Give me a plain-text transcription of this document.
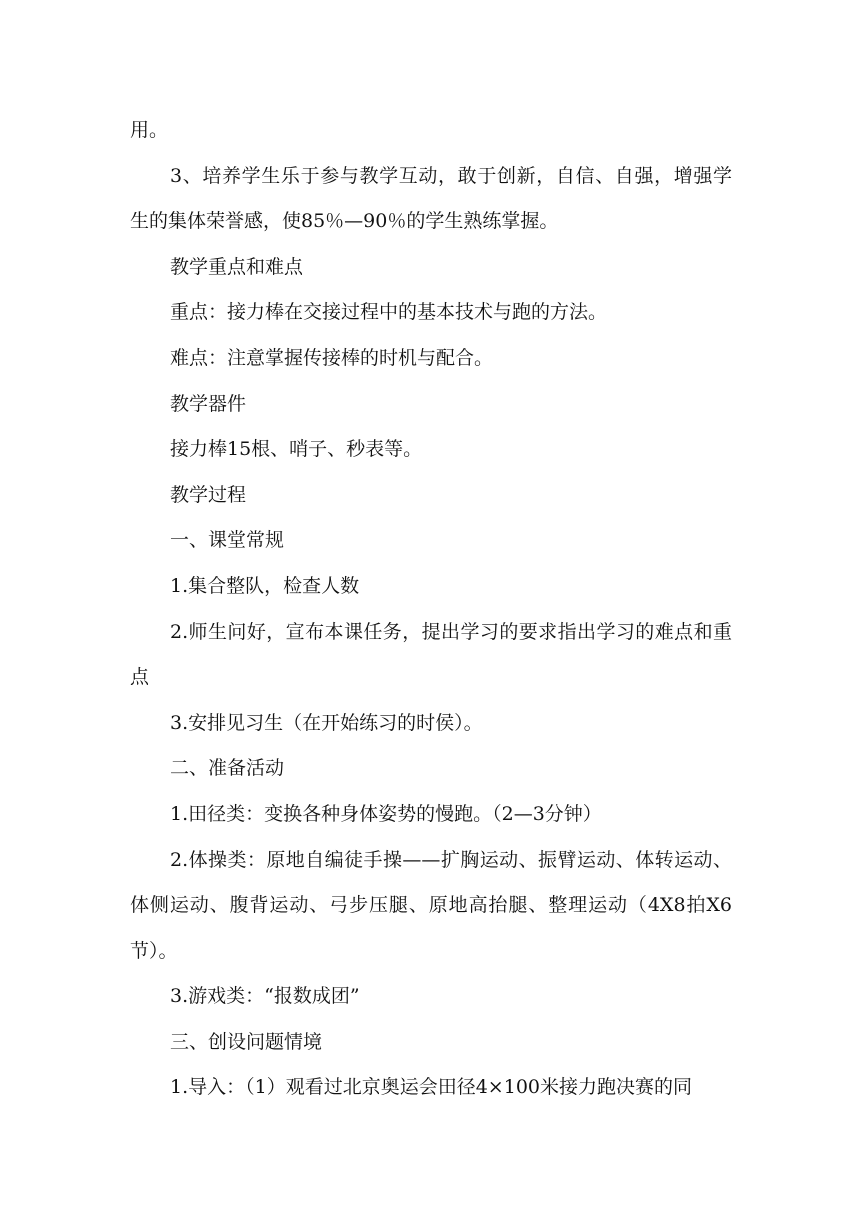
用。

3、培养学生乐于参与教学互动，敢于创新，自信、自强，增强学生的集体荣誉感，使85％—90％的学生熟练掌握。

教学重点和难点

重点：接力棒在交接过程中的基本技术与跑的方法。

难点：注意掌握传接棒的时机与配合。

教学器件

接力棒15根、哨子、秒表等。

教学过程

一、课堂常规

1.集合整队，检查人数

2.师生问好，宣布本课任务，提出学习的要求指出学习的难点和重点

3.安排见习生（在开始练习的时侯）。

二、准备活动

1.田径类：变换各种身体姿势的慢跑。（2—3分钟）

2.体操类：原地自编徒手操——扩胸运动、振臂运动、体转运动、体侧运动、腹背运动、弓步压腿、原地高抬腿、整理运动（4X8拍X6节）。

3.游戏类：“报数成团”

三、创设问题情境

1.导入：（1）观看过北京奥运会田径4×100米接力跑决赛的同
